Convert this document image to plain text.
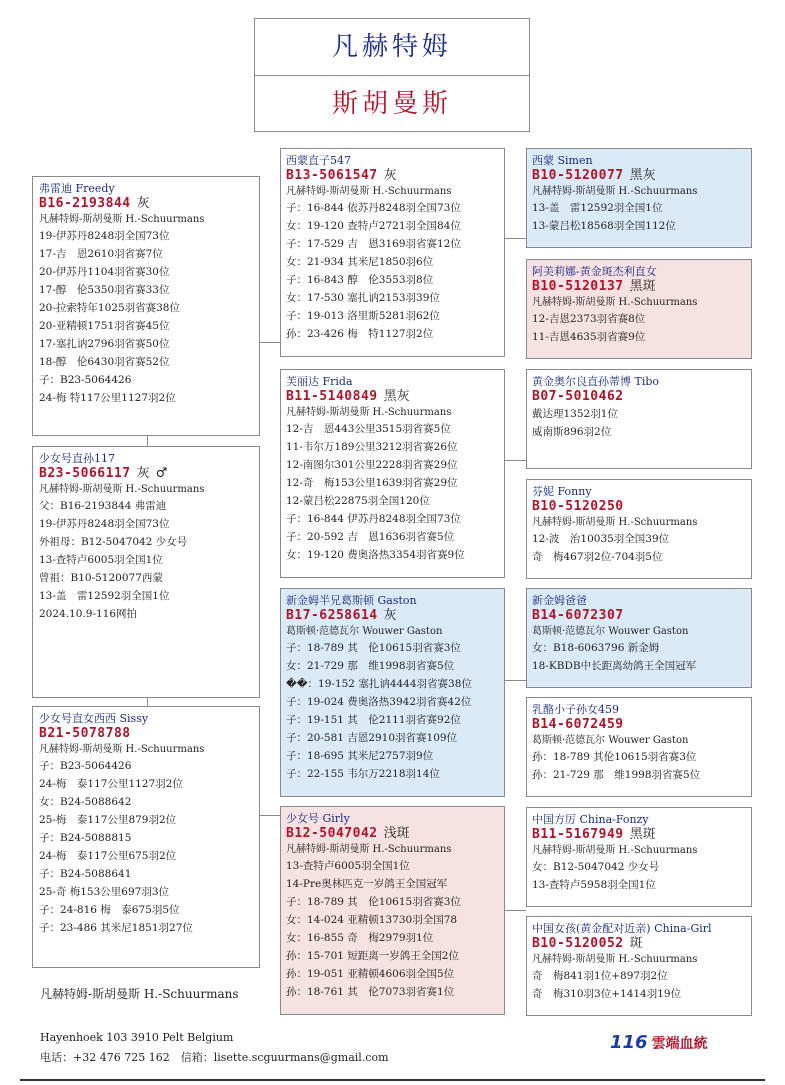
凡赫特姆
斯胡曼斯
弗雷迪 Freedy
B16-2193844 灰
凡赫特姆-斯胡曼斯 H.-Schuurmans
19-伊苏丹8248羽全国73位
17-吉　恩2610羽省赛7位
20-伊苏丹1104羽省赛30位
17-醇　伦5350羽省赛33位
20-拉索特年1025羽省赛38位
20-亚精顿1751羽省赛45位
17-塞扎讷2796羽省赛50位
18-醇　伦6430羽省赛52位
子：B23-5064426
24-梅 特117公里1127羽2位
少女号直孙117
B23-5066117 灰 ♂
凡赫特姆-斯胡曼斯 H.-Schuurmans
父：B16-2193844 弗雷迪
19-伊苏丹8248羽全国73位
外祖母：B12-5047042 少女号
13-查特卢6005羽全国1位
曾祖：B10-5120077西蒙
13-盖　雷12592羽全国1位
2024.10.9-116网拍
少女号直女西西 Sissy
B21-5078788
凡赫特姆-斯胡曼斯 H.-Schuurmans
子：B23-5064426
24-梅　泰117公里1127羽2位
女：B24-5088642
25-梅　泰117公里879羽2位
子：B24-5088815
24-梅　泰117公里675羽2位
子：B24-5088641
25-奇 梅153公里697羽3位
子：24-816 梅　泰675羽5位
子：23-486 其米尼1851羽27位
西蒙直子547
B13-5061547 灰
凡赫特姆-斯胡曼斯 H.-Schuurmans
子：16-844 依苏丹8248羽全国73位
女：19-120 查特卢2721羽全国84位
子：17-529 吉　恩3169羽省赛12位
女：21-934 其米尼1850羽6位
子：16-843 醇　伦3553羽8位
女：17-530 塞扎讷2153羽39位
子：19-013 洛里斯5281羽62位
孙：23-426 梅　特1127羽2位
芙丽达 Frida
B11-5140849 黑灰
凡赫特姆-斯胡曼斯 H.-Schuurmans
12-吉　恩443公里3515羽省赛5位
11-韦尔万189公里3212羽省赛26位
12-南图尔301公里2228羽省赛29位
12-奇　梅153公里1639羽省赛29位
12-蒙吕松22875羽全国120位
子：16-844 伊苏丹8248羽全国73位
子：20-592 吉　恩1636羽省赛5位
女：19-120 费奥洛热3354羽省赛9位
新金姆半兄葛斯顿 Gaston
B17-6258614 灰
葛斯顿·范德瓦尔 Wouwer Gaston
子：18-789 其　伦10615羽省赛3位
女：21-729 那　维1998羽省赛5位
��：19-152 塞扎讷4444羽省赛38位
子：19-024 费奥洛热3942羽省赛42位
子：19-151 其　伦2111羽省赛92位
子：20-581 吉恩2910羽省赛109位
子：18-695 其米尼2757羽9位
子：22-155 韦尔万2218羽14位
少女号 Girly
B12-5047042 浅斑
凡赫特姆-斯胡曼斯 H.-Schuurmans
13-查特卢6005羽全国1位
14-Pre奥林匹克一岁鸽王全国冠军
子：18-789 其　伦10615羽省赛3位
女：14-024 亚精顿13730羽全国78
女：16-855 奇　梅2979羽1位
孙：15-701 短距离一岁鸽王全国2位
孙：19-051 亚精顿4606羽全国5位
孙：18-761 其　伦7073羽省赛1位
西蒙 Simen
B10-5120077 黑灰
凡赫特姆-斯胡曼斯 H.-Schuurmans
13-盖　雷12592羽全国1位
13-蒙吕松18568羽全国112位
阿美莉娜-黄金斑杰利直女
B10-5120137 黑斑
凡赫特姆-斯胡曼斯 H.-Schuurmans
12-吉恩2373羽省赛8位
11-吉恩4635羽省赛9位
黄金奥尔良直孙蒂博 Tibo
B07-5010462
戴达理1352羽1位
威南斯896羽2位
芬妮 Fonny
B10-5120250
凡赫特姆-斯胡曼斯 H.-Schuurmans
12-波　治10035羽全国39位
奇　梅467羽2位-704羽5位
新金姆爸爸
B14-6072307
葛斯顿·范德瓦尔 Wouwer Gaston
女：B18-6063796 新金姆
18-KBDB中长距离幼鸽王全国冠军
乳酪小子孙女459
B14-6072459
葛斯顿·范德瓦尔 Wouwer Gaston
孙：18-789 其伦10615羽省赛3位
孙：21-729 那　维1998羽省赛5位
中国方厉 China-Fonzy
B11-5167949 黑斑
凡赫特姆-斯胡曼斯 H.-Schuurmans
女：B12-5047042 少女号
13-查特卢5958羽全国1位
中国女孩(黄金配对近亲) China-Girl
B10-5120052 斑
凡赫特姆-斯胡曼斯 H.-Schuurmans
奇　梅841羽1位+897羽2位
奇　梅310羽3位+1414羽19位
凡赫特姆-斯胡曼斯 H.-Schuurmans
Hayenhoek 103 3910 Pelt Belgium
电话：+32 476 725 162　信箱：lisette.scguurmans@gmail.com
116 雲端血統
